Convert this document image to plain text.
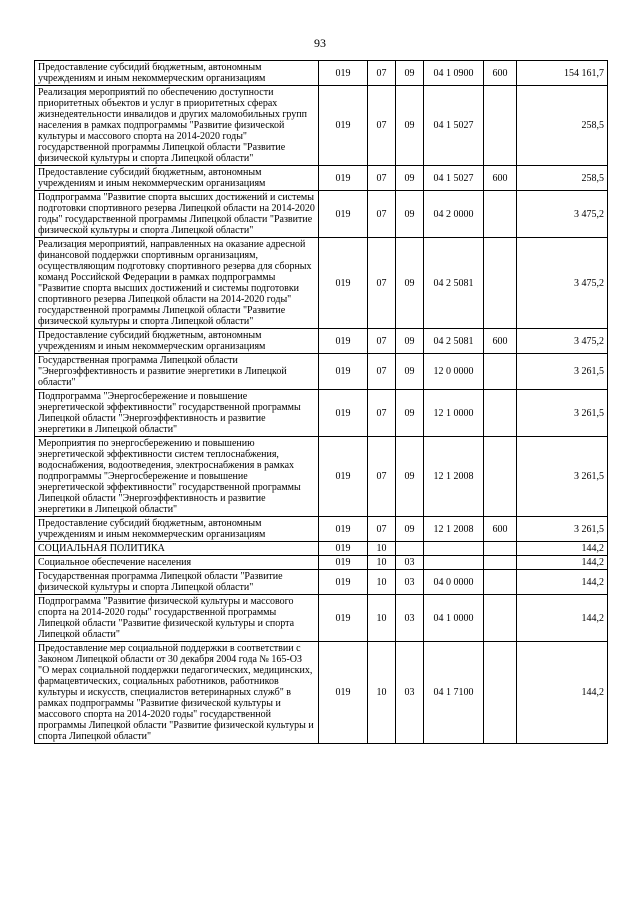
93
Предоставление субсидий бюджетным, автономным учреждениям и иным некоммерческим организациям	019	07	09	04 1 0900	600	154 161,7
Реализация мероприятий по обеспечению доступности приоритетных объектов и услуг в приоритетных сферах жизнедеятельности инвалидов и других маломобильных групп населения в рамках подпрограммы "Развитие физической культуры и массового спорта на 2014-2020 годы" государственной программы Липецкой области "Развитие физической культуры и спорта Липецкой области"	019	07	09	04 1 5027		258,5
Предоставление субсидий бюджетным, автономным учреждениям и иным некоммерческим организациям	019	07	09	04 1 5027	600	258,5
Подпрограмма "Развитие спорта высших достижений и системы подготовки спортивного резерва Липецкой области на 2014-2020 годы" государственной программы Липецкой области "Развитие физической культуры и спорта Липецкой области"	019	07	09	04 2 0000		3 475,2
Реализация мероприятий, направленных на оказание адресной финансовой поддержки спортивным организациям, осуществляющим подготовку спортивного резерва для сборных команд Российской Федерации в рамках подпрограммы "Развитие спорта высших достижений и системы подготовки спортивного резерва Липецкой области на 2014-2020 годы" государственной программы Липецкой области "Развитие физической культуры и спорта Липецкой области"	019	07	09	04 2 5081		3 475,2
Предоставление субсидий бюджетным, автономным учреждениям и иным некоммерческим организациям	019	07	09	04 2 5081	600	3 475,2
Государственная программа Липецкой области "Энергоэффективность и развитие энергетики в Липецкой области"	019	07	09	12 0 0000		3 261,5
Подпрограмма "Энергосбережение и повышение энергетической эффективности" государственной программы Липецкой области "Энергоэффективность и развитие энергетики в Липецкой области"	019	07	09	12 1 0000		3 261,5
Мероприятия по энергосбережению и повышению энергетической эффективности систем теплоснабжения, водоснабжения, водоотведения, электроснабжения в рамках подпрограммы "Энергосбережение и повышение энергетической эффективности" государственной программы Липецкой области "Энергоэффективность и развитие энергетики в Липецкой области"	019	07	09	12 1 2008		3 261,5
Предоставление субсидий бюджетным, автономным учреждениям и иным некоммерческим организациям	019	07	09	12 1 2008	600	3 261,5
СОЦИАЛЬНАЯ ПОЛИТИКА	019	10				144,2
Социальное обеспечение населения	019	10	03			144,2
Государственная программа Липецкой области "Развитие физической культуры и спорта Липецкой области"	019	10	03	04 0 0000		144,2
Подпрограмма "Развитие физической культуры и массового спорта на 2014-2020 годы" государственной программы Липецкой области "Развитие физической культуры и спорта Липецкой области"	019	10	03	04 1 0000		144,2
Предоставление мер социальной поддержки в соответствии с Законом Липецкой области от 30 декабря 2004 года № 165-ОЗ "О мерах социальной поддержки педагогических, медицинских, фармацевтических, социальных работников, работников культуры и искусств, специалистов ветеринарных служб" в рамках подпрограммы "Развитие физической культуры и массового спорта на 2014-2020 годы" государственной программы Липецкой области "Развитие физической культуры и спорта Липецкой области"	019	10	03	04 1 7100		144,2
